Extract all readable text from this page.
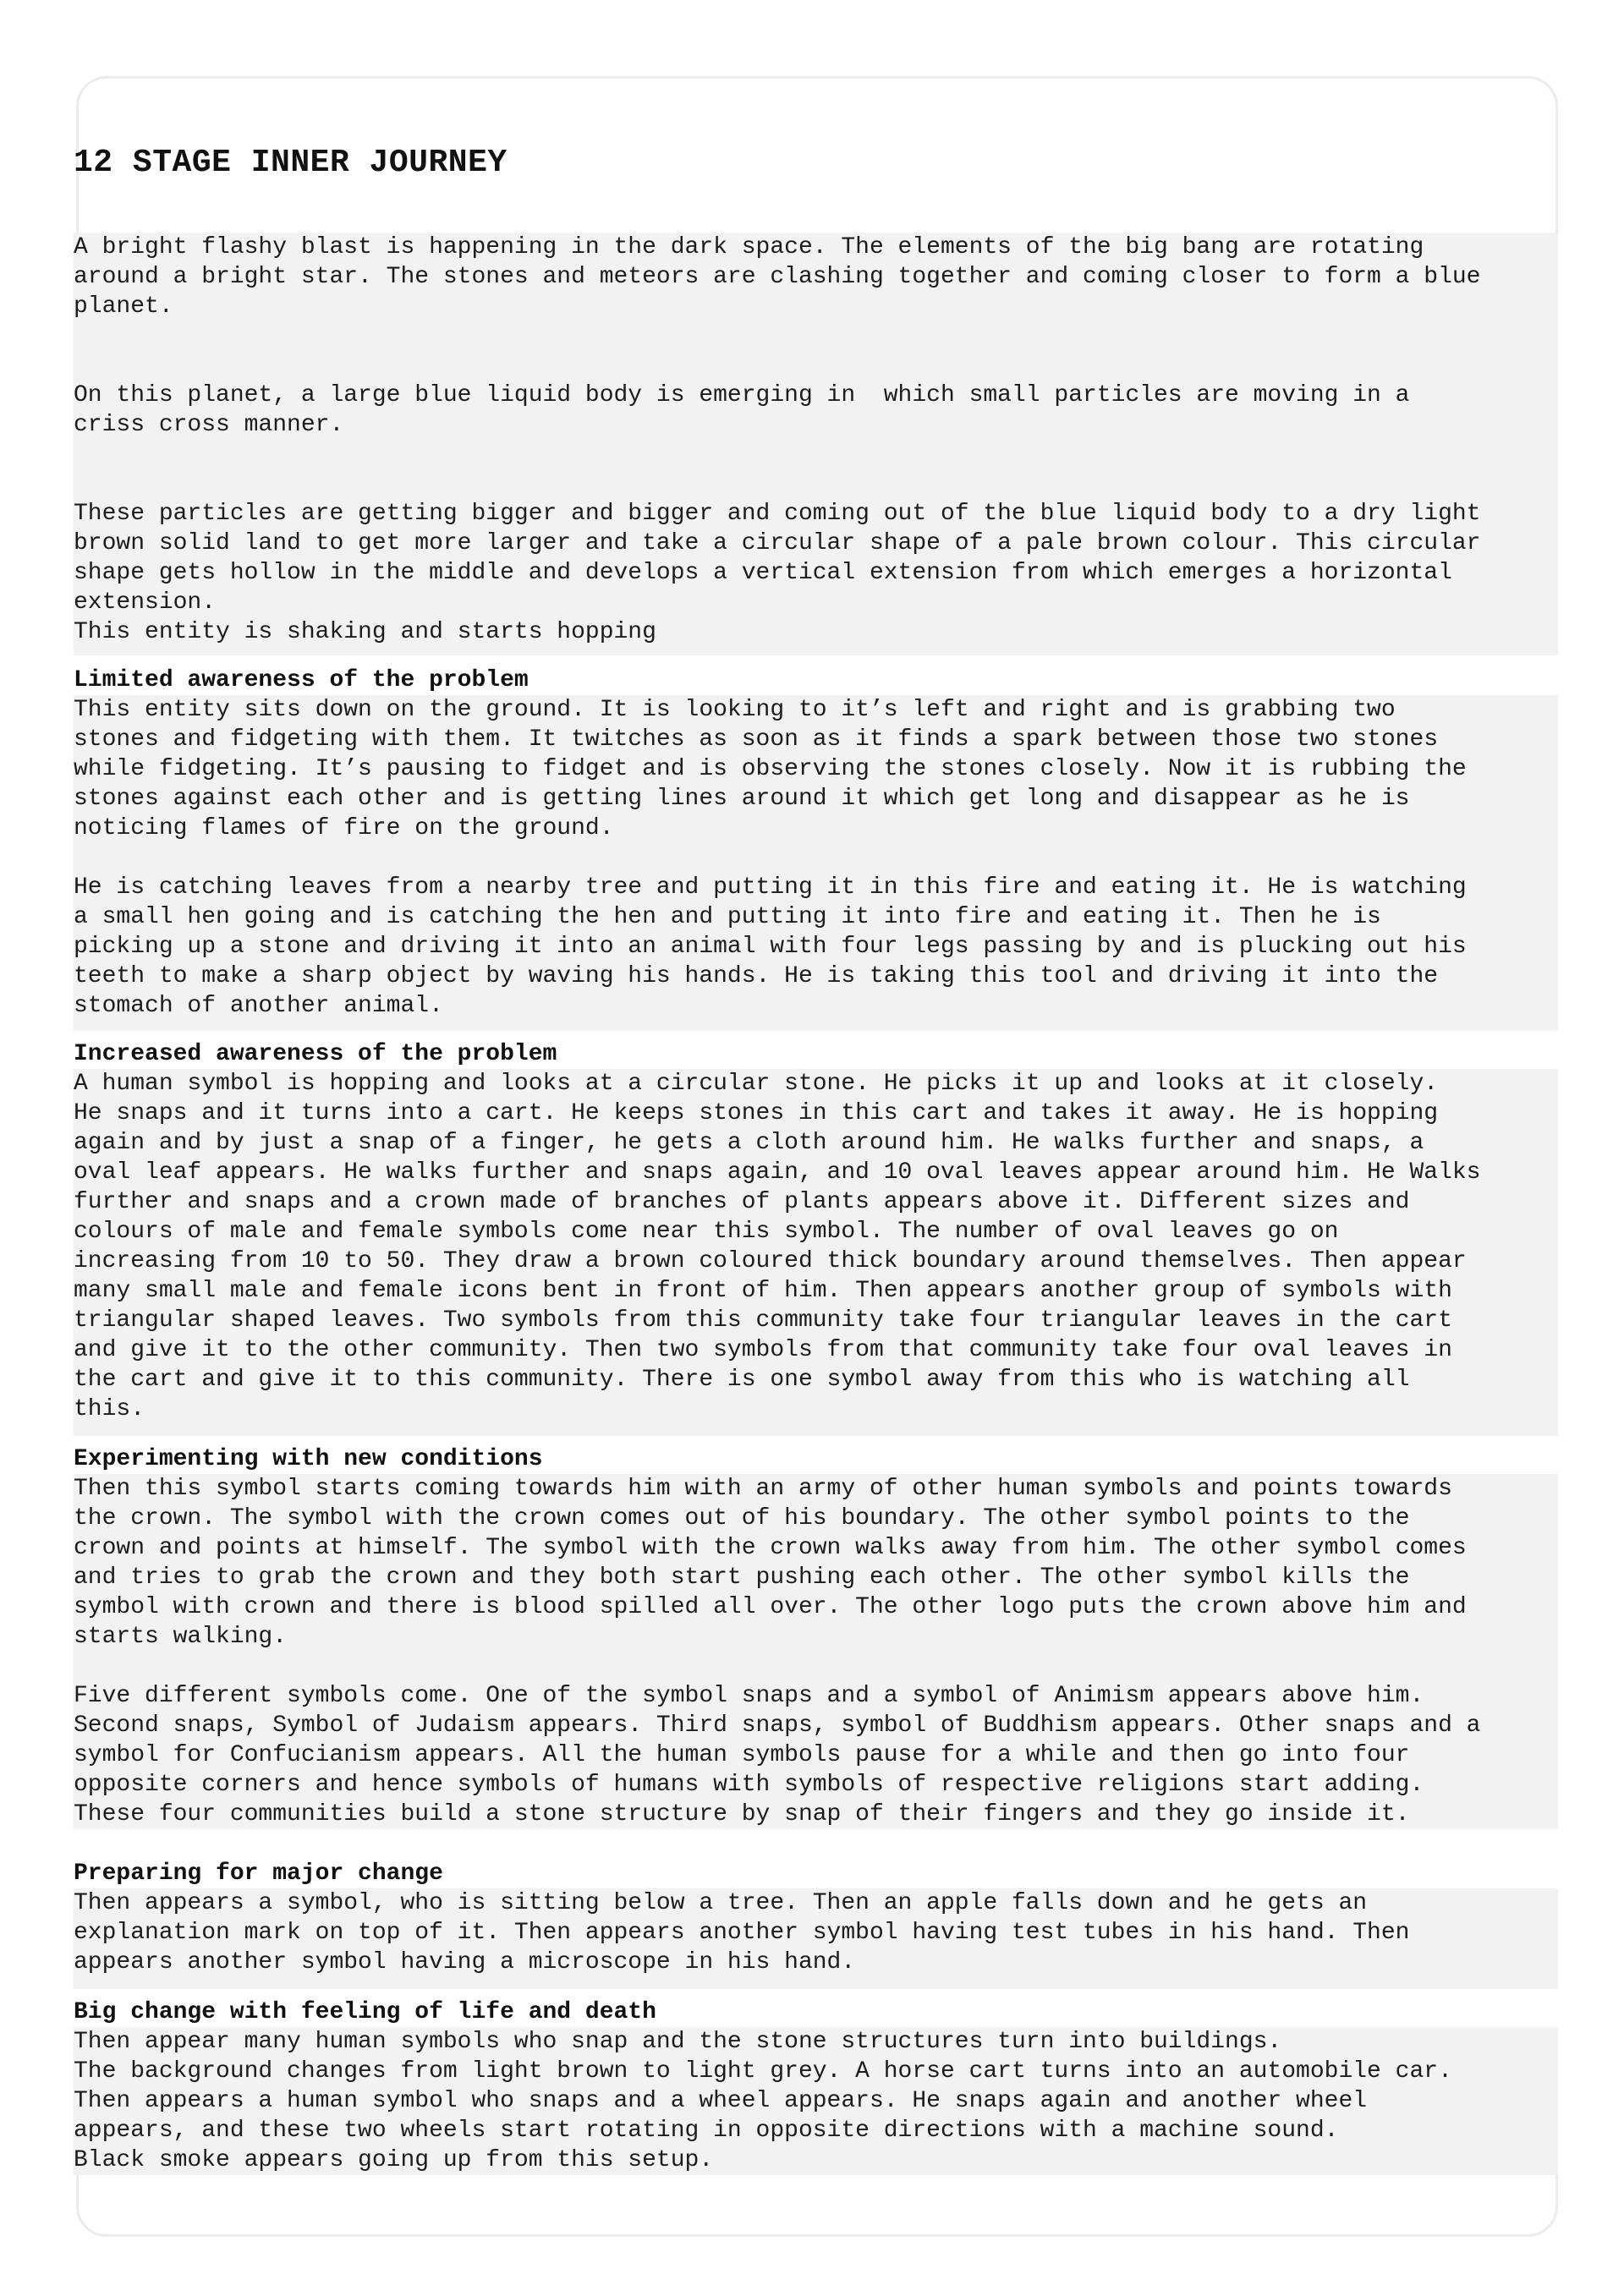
12 STAGE INNER JOURNEY
A bright flashy blast is happening in the dark space. The elements of the big bang are rotating
around a bright star. The stones and meteors are clashing together and coming closer to form a blue
planet.
On this planet, a large blue liquid body is emerging in  which small particles are moving in a
criss cross manner.
These particles are getting bigger and bigger and coming out of the blue liquid body to a dry light
brown solid land to get more larger and take a circular shape of a pale brown colour. This circular
shape gets hollow in the middle and develops a vertical extension from which emerges a horizontal
extension.
This entity is shaking and starts hopping
Limited awareness of the problem
This entity sits down on the ground. It is looking to it’s left and right and is grabbing two
stones and fidgeting with them. It twitches as soon as it finds a spark between those two stones
while fidgeting. It’s pausing to fidget and is observing the stones closely. Now it is rubbing the
stones against each other and is getting lines around it which get long and disappear as he is
noticing flames of fire on the ground.
He is catching leaves from a nearby tree and putting it in this fire and eating it. He is watching
a small hen going and is catching the hen and putting it into fire and eating it. Then he is
picking up a stone and driving it into an animal with four legs passing by and is plucking out his
teeth to make a sharp object by waving his hands. He is taking this tool and driving it into the
stomach of another animal.
Increased awareness of the problem
A human symbol is hopping and looks at a circular stone. He picks it up and looks at it closely.
He snaps and it turns into a cart. He keeps stones in this cart and takes it away. He is hopping
again and by just a snap of a finger, he gets a cloth around him. He walks further and snaps, a
oval leaf appears. He walks further and snaps again, and 10 oval leaves appear around him. He Walks
further and snaps and a crown made of branches of plants appears above it. Different sizes and
colours of male and female symbols come near this symbol. The number of oval leaves go on
increasing from 10 to 50. They draw a brown coloured thick boundary around themselves. Then appear
many small male and female icons bent in front of him. Then appears another group of symbols with
triangular shaped leaves. Two symbols from this community take four triangular leaves in the cart
and give it to the other community. Then two symbols from that community take four oval leaves in
the cart and give it to this community. There is one symbol away from this who is watching all
this.
Experimenting with new conditions
Then this symbol starts coming towards him with an army of other human symbols and points towards
the crown. The symbol with the crown comes out of his boundary. The other symbol points to the
crown and points at himself. The symbol with the crown walks away from him. The other symbol comes
and tries to grab the crown and they both start pushing each other. The other symbol kills the
symbol with crown and there is blood spilled all over. The other logo puts the crown above him and
starts walking.
Five different symbols come. One of the symbol snaps and a symbol of Animism appears above him.
Second snaps, Symbol of Judaism appears. Third snaps, symbol of Buddhism appears. Other snaps and a
symbol for Confucianism appears. All the human symbols pause for a while and then go into four
opposite corners and hence symbols of humans with symbols of respective religions start adding.
These four communities build a stone structure by snap of their fingers and they go inside it.
Preparing for major change
Then appears a symbol, who is sitting below a tree. Then an apple falls down and he gets an
explanation mark on top of it. Then appears another symbol having test tubes in his hand. Then
appears another symbol having a microscope in his hand.
Big change with feeling of life and death
Then appear many human symbols who snap and the stone structures turn into buildings.
The background changes from light brown to light grey. A horse cart turns into an automobile car.
Then appears a human symbol who snaps and a wheel appears. He snaps again and another wheel
appears, and these two wheels start rotating in opposite directions with a machine sound.
Black smoke appears going up from this setup.
